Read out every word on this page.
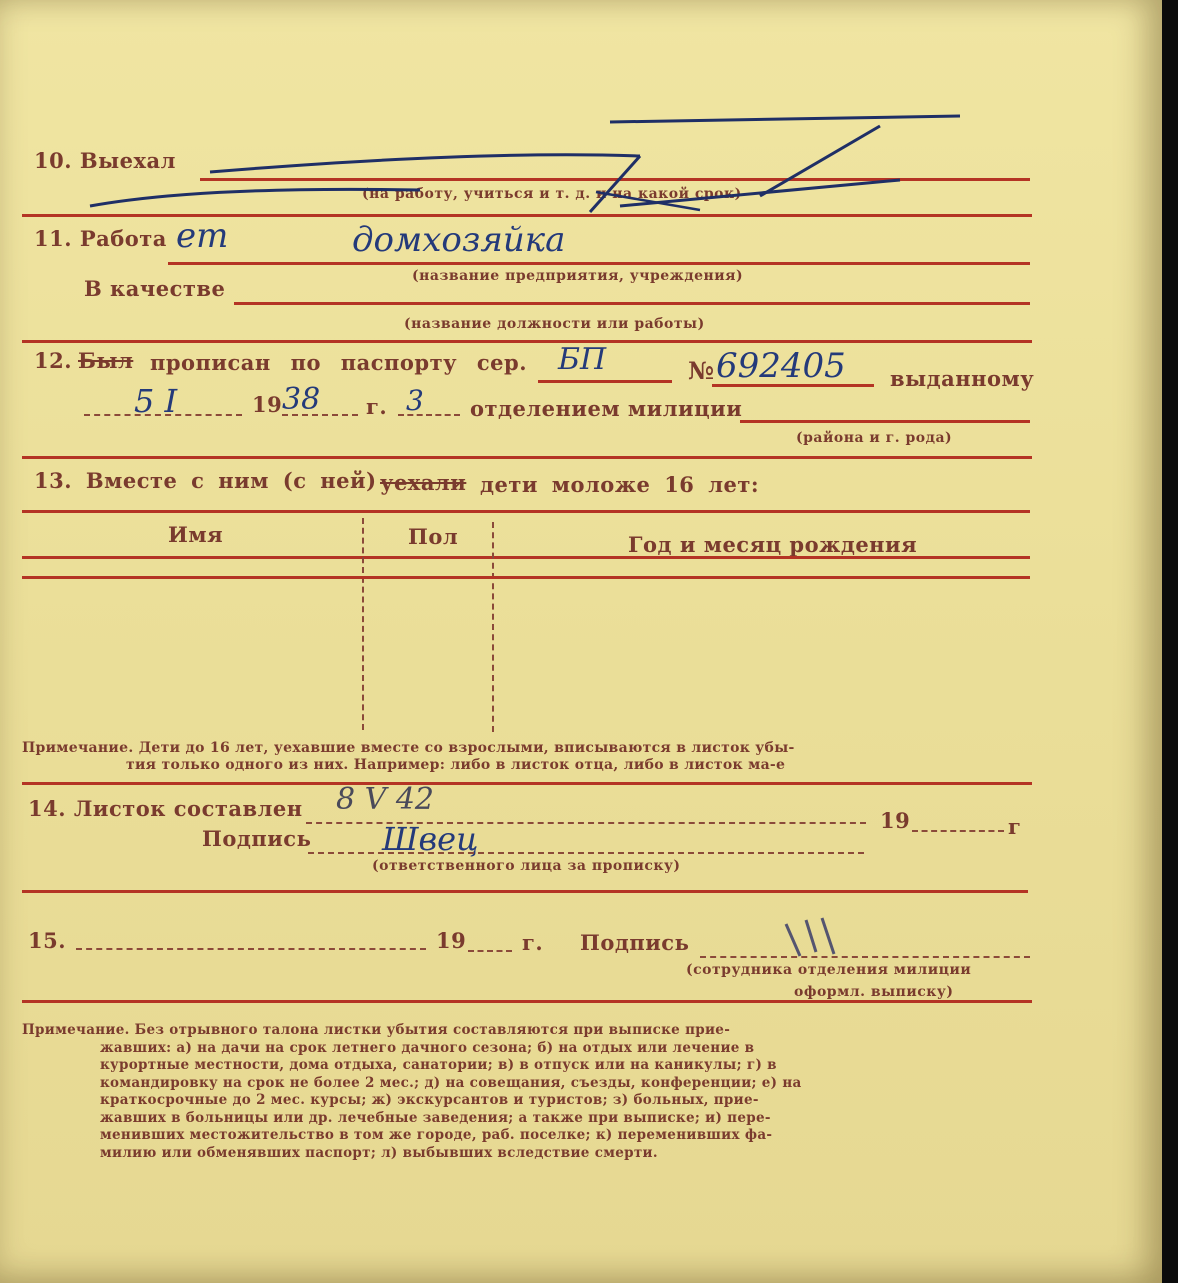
10. Выехал
(на работу, учиться и т. д. и на какой срок)
11. Работа ет	домхозяйка
(название предприятия, учреждения)
В качестве
(название должности или работы)
12. Был прописан по паспорту сер. БП	№ 692405 выданному
5 I	19 38 г. 3 отделением милиции
(района и г. рода)
13. Вместе с ним (с ней) уехали дети моложе 16 лет:
Имя	Пол	Год и месяц рождения
Примечание. Дети до 16 лет, уехавшие вместе со взрослыми, вписываются в листок убы-
тия только одного из них. Например: либо в листок отца, либо в листок ма-е
14. Листок составлен 8 V 42
19	г
Подпись Швец
(ответственного лица за прописку)
15.	19	г. Подпись
(сотрудника отделения милиции
оформл. выписку)
Примечание. Без отрывного талона листки убытия составляются при выписке прие-
жавших: а) на дачи на срок летнего дачного сезона; б) на отдых или лечение в
курортные местности, дома отдыха, санатории; в) в отпуск или на каникулы; г) в
командировку на срок не более 2 мес.; д) на совещания, съезды, конференции; е) на
краткосрочные до 2 мес. курсы; ж) экскурсантов и туристов; з) больных, прие-
жавших в больницы или др. лечебные заведения; а также при выписке; и) пере-
менивших местожительство в том же городе, раб. поселке; к) переменивших фа-
милию или обменявших паспорт; л) выбывших вследствие смерти.
